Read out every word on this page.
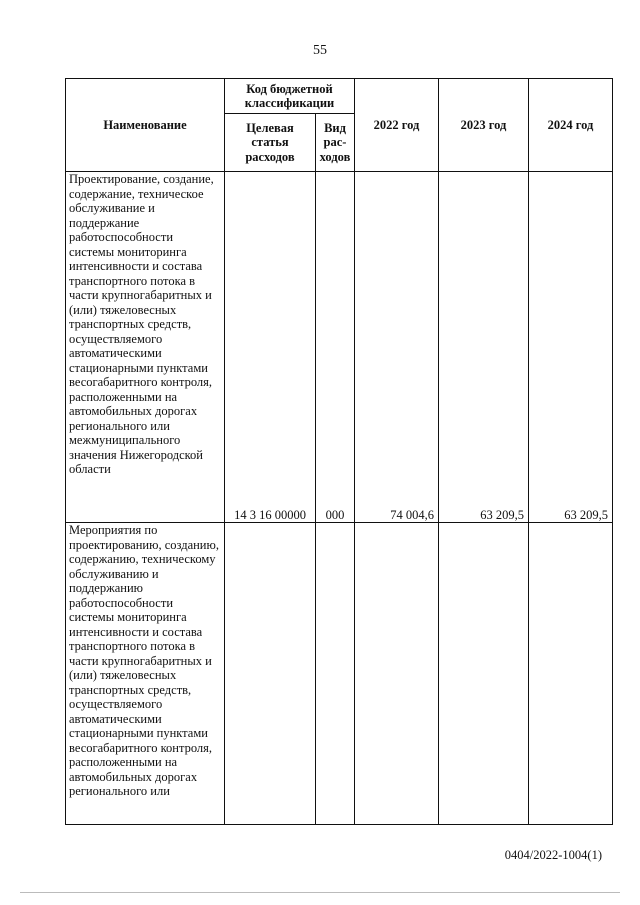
55
Наименование	Код бюджетной классификации		2022 год	2023 год	2024 год
	Целевая статья расходов	Вид рас-ходов			
Проектирование, создание, содержание, техническое обслуживание и поддержание работоспособности системы мониторинга интенсивности и состава транспортного потока в части крупногабаритных и (или) тяжеловесных транспортных средств, осуществляемого автоматическими стационарными пунктами весогабаритного контроля, расположенными на автомобильных дорогах регионального или межмуниципального значения Нижегородской области	14 3 16 00000	000	74 004,6	63 209,5	63 209,5
Мероприятия по проектированию, созданию, содержанию, техническому обслуживанию и поддержанию работоспособности системы мониторинга интенсивности и состава транспортного потока в части крупногабаритных и (или) тяжеловесных транспортных средств, осуществляемого автоматическими стационарными пунктами весогабаритного контроля, расположенными на автомобильных дорогах регионального или					
0404/2022-1004(1)
